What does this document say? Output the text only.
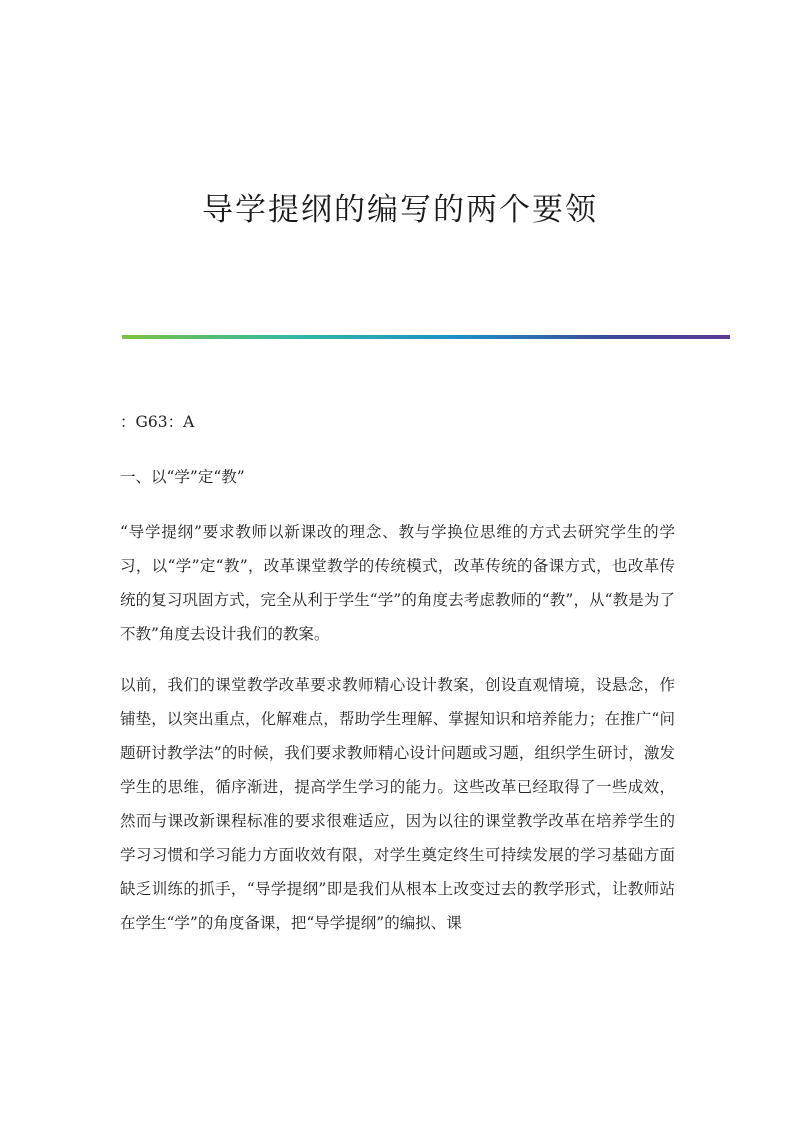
导学提纲的编写的两个要领

：G63：A

一、以“学”定“教”

“导学提纲”要求教师以新课改的理念、教与学换位思维的方式去研究学生的学习，以“学”定“教”，改革课堂教学的传统模式，改革传统的备课方式，也改革传统的复习巩固方式，完全从利于学生“学”的角度去考虑教师的“教”，从“教是为了不教”角度去设计我们的教案。

以前，我们的课堂教学改革要求教师精心设计教案，创设直观情境，设悬念，作铺垫，以突出重点，化解难点，帮助学生理解、掌握知识和培养能力；在推广“问题研讨教学法”的时候，我们要求教师精心设计问题或习题，组织学生研讨，激发学生的思维，循序渐进，提高学生学习的能力。这些改革已经取得了一些成效，然而与课改新课程标准的要求很难适应，因为以往的课堂教学改革在培养学生的学习习惯和学习能力方面收效有限，对学生奠定终生可持续发展的学习基础方面缺乏训练的抓手，“导学提纲”即是我们从根本上改变过去的教学形式，让教师站在学生“学”的角度备课，把“导学提纲”的编拟、课
